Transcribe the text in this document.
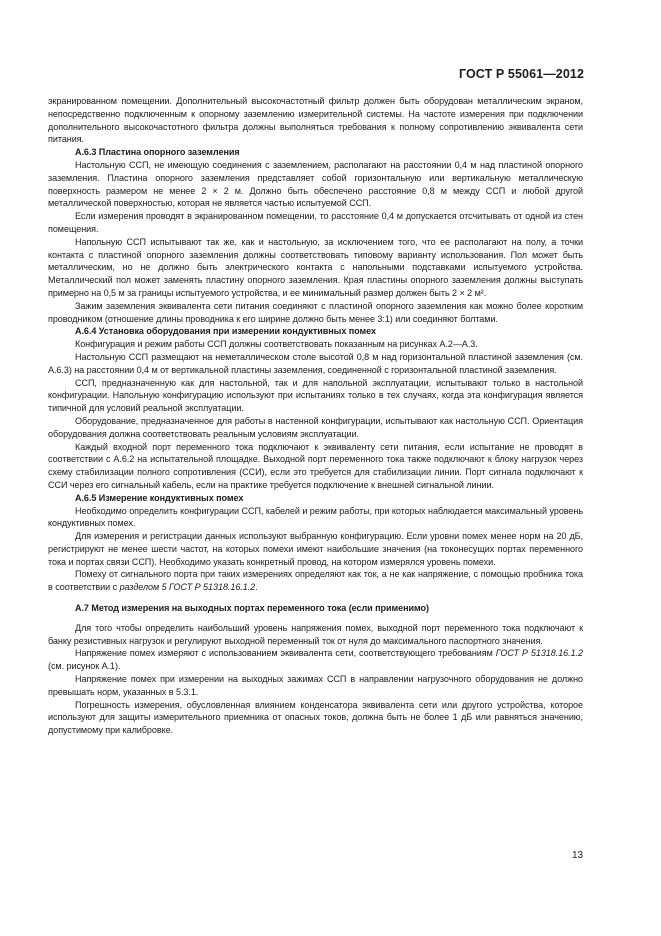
ГОСТ Р 55061—2012

экранированном помещении. Дополнительный высокочастотный фильтр должен быть оборудован металлическим экраном, непосредственно подключенным к опорному заземлению измерительной системы. На частоте измерения при подключении дополнительного высокочастотного фильтра должны выполняться требования к полному сопротивлению эквивалента сети питания.

А.6.3 Пластина опорного заземления

Настольную ССП, не имеющую соединения с заземлением, располагают на расстоянии 0,4 м над пластиной опорного заземления. Пластина опорного заземления представляет собой горизонтальную или вертикальную металлическую поверхность размером не менее 2 × 2 м. Должно быть обеспечено расстояние 0,8 м между ССП и любой другой металлической поверхностью, которая не является частью испытуемой ССП.

Если измерения проводят в экранированном помещении, то расстояние 0,4 м допускается отсчитывать от одной из стен помещения.

Напольную ССП испытывают так же, как и настольную, за исключением того, что ее располагают на полу, а точки контакта с пластиной опорного заземления должны соответствовать типовому варианту использования. Пол может быть металлическим, но не должно быть электрического контакта с напольными подставками испытуемого устройства. Металлический пол может заменять пластину опорного заземления. Края пластины опорного заземления должны выступать примерно на 0,5 м за границы испытуемого устройства, и ее минимальный размер должен быть 2 × 2 м².

Зажим заземления эквивалента сети питания соединяют с пластиной опорного заземления как можно более коротким проводником (отношение длины проводника к его ширине должно быть менее 3:1) или соединяют болтами.

А.6.4 Установка оборудования при измерении кондуктивных помех

Конфигурация и режим работы ССП должны соответствовать показанным на рисунках А.2—А.3.

Настольную ССП размещают на неметаллическом столе высотой 0,8 м над горизонтальной пластиной заземления (см. А.6.3) на расстоянии 0,4 м от вертикальной пластины заземления, соединенной с горизонтальной пластиной заземления.

ССП, предназначенную как для настольной, так и для напольной эксплуатации, испытывают только в настольной конфигурации. Напольную конфигурацию используют при испытаниях только в тех случаях, когда эта конфигурация является типичной для условий реальной эксплуатации.

Оборудование, предназначенное для работы в настенной конфигурации, испытывают как настольную ССП. Ориентация оборудования должна соответствовать реальным условиям эксплуатации.

Каждый входной порт переменного тока подключают к эквиваленту сети питания, если испытание не проводят в соответствии с А.6.2 на испытательной площадке. Выходной порт переменного тока также подключают к блоку нагрузок через схему стабилизации полного сопротивления (ССИ), если это требуется для стабилизации линии. Порт сигнала подключают к ССИ через его сигнальный кабель, если на практике требуется подключение к внешней сигнальной линии.

А.6.5 Измерение кондуктивных помех

Необходимо определить конфигурации ССП, кабелей и режим работы, при которых наблюдается максимальный уровень кондуктивных помех.

Для измерения и регистрации данных используют выбранную конфигурацию. Если уровни помех менее норм на 20 дБ, регистрируют не менее шести частот, на которых помехи имеют наибольшие значения (на токонесущих портах переменного тока и портах связи ССП). Необходимо указать конкретный провод, на котором измерялся уровень помехи.

Помеху от сигнального порта при таких измерениях определяют как ток, а не как напряжение, с помощью пробника тока в соответствии с разделом 5 ГОСТ Р 51318.16.1.2.

А.7 Метод измерения на выходных портах переменного тока (если применимо)

Для того чтобы определить наибольший уровень напряжения помех, выходной порт переменного тока подключают к банку резистивных нагрузок и регулируют выходной переменный ток от нуля до максимального паспортного значения.

Напряжение помех измеряют с использованием эквивалента сети, соответствующего требованиям ГОСТ Р 51318.16.1.2 (см. рисунок А.1).

Напряжение помех при измерении на выходных зажимах ССП в направлении нагрузочного оборудования не должно превышать норм, указанных в 5.3.1.

Погрешность измерения, обусловленная влиянием конденсатора эквивалента сети или другого устройства, которое используют для защиты измерительного приемника от опасных токов, должна быть не более 1 дБ или равняться значению, допустимому при калибровке.

13
